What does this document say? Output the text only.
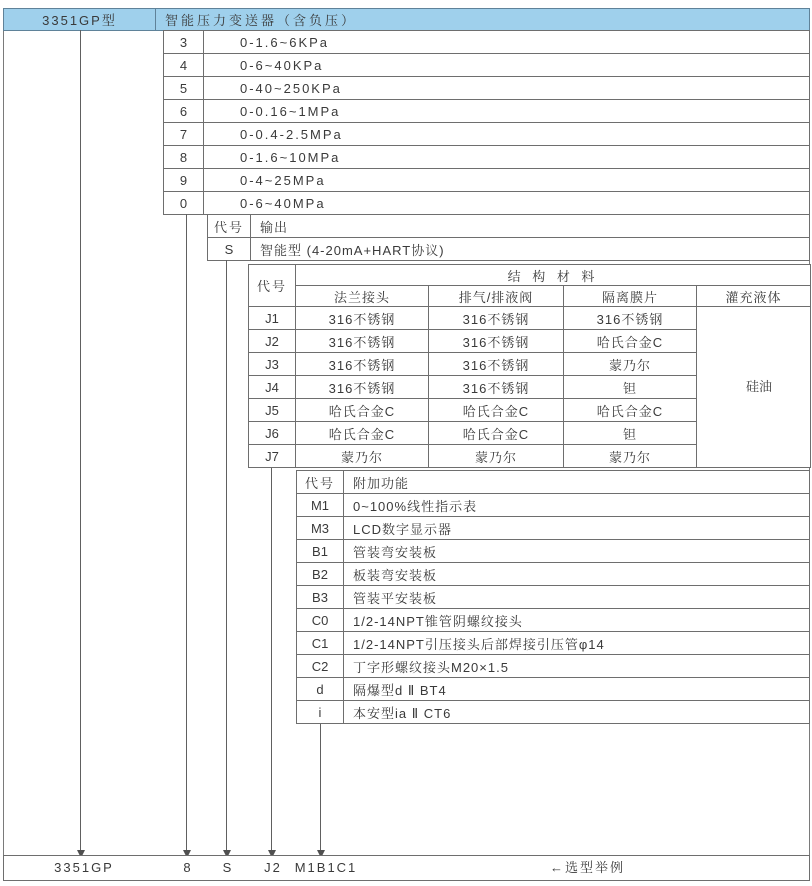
3351GP型	智能压力变送器（含负压）
3	0-1.6~6KPa
4	0-6~40KPa
5	0-40~250KPa
6	0-0.16~1MPa
7	0-0.4-2.5MPa
8	0-1.6~10MPa
9	0-4~25MPa
0	0-6~40MPa
代号	输出
S	智能型 (4-20mA+HART协议)
代号	结 构 材 料			
	法兰接头	排气/排液阀	隔离膜片	灌充液体
J1	316不锈钢	316不锈钢	316不锈钢	硅油
J2	316不锈钢	316不锈钢	哈氏合金C	
J3	316不锈钢	316不锈钢	蒙乃尔	
J4	316不锈钢	316不锈钢	钽	
J5	哈氏合金C	哈氏合金C	哈氏合金C	
J6	哈氏合金C	哈氏合金C	钽	
J7	蒙乃尔	蒙乃尔	蒙乃尔	
代号	附加功能
M1	0~100%线性指示表
M3	LCD数字显示器
B1	管装弯安装板
B2	板装弯安装板
B3	管装平安装板
C0	1/2-14NPT锥管阴螺纹接头
C1	1/2-14NPT引压接头后部焊接引压管φ14
C2	丁字形螺纹接头M20×1.5
d	隔爆型d Ⅱ BT4
i	本安型ia Ⅱ CT6
3351GP	8 S J2 M1B1C1	←选型举例
